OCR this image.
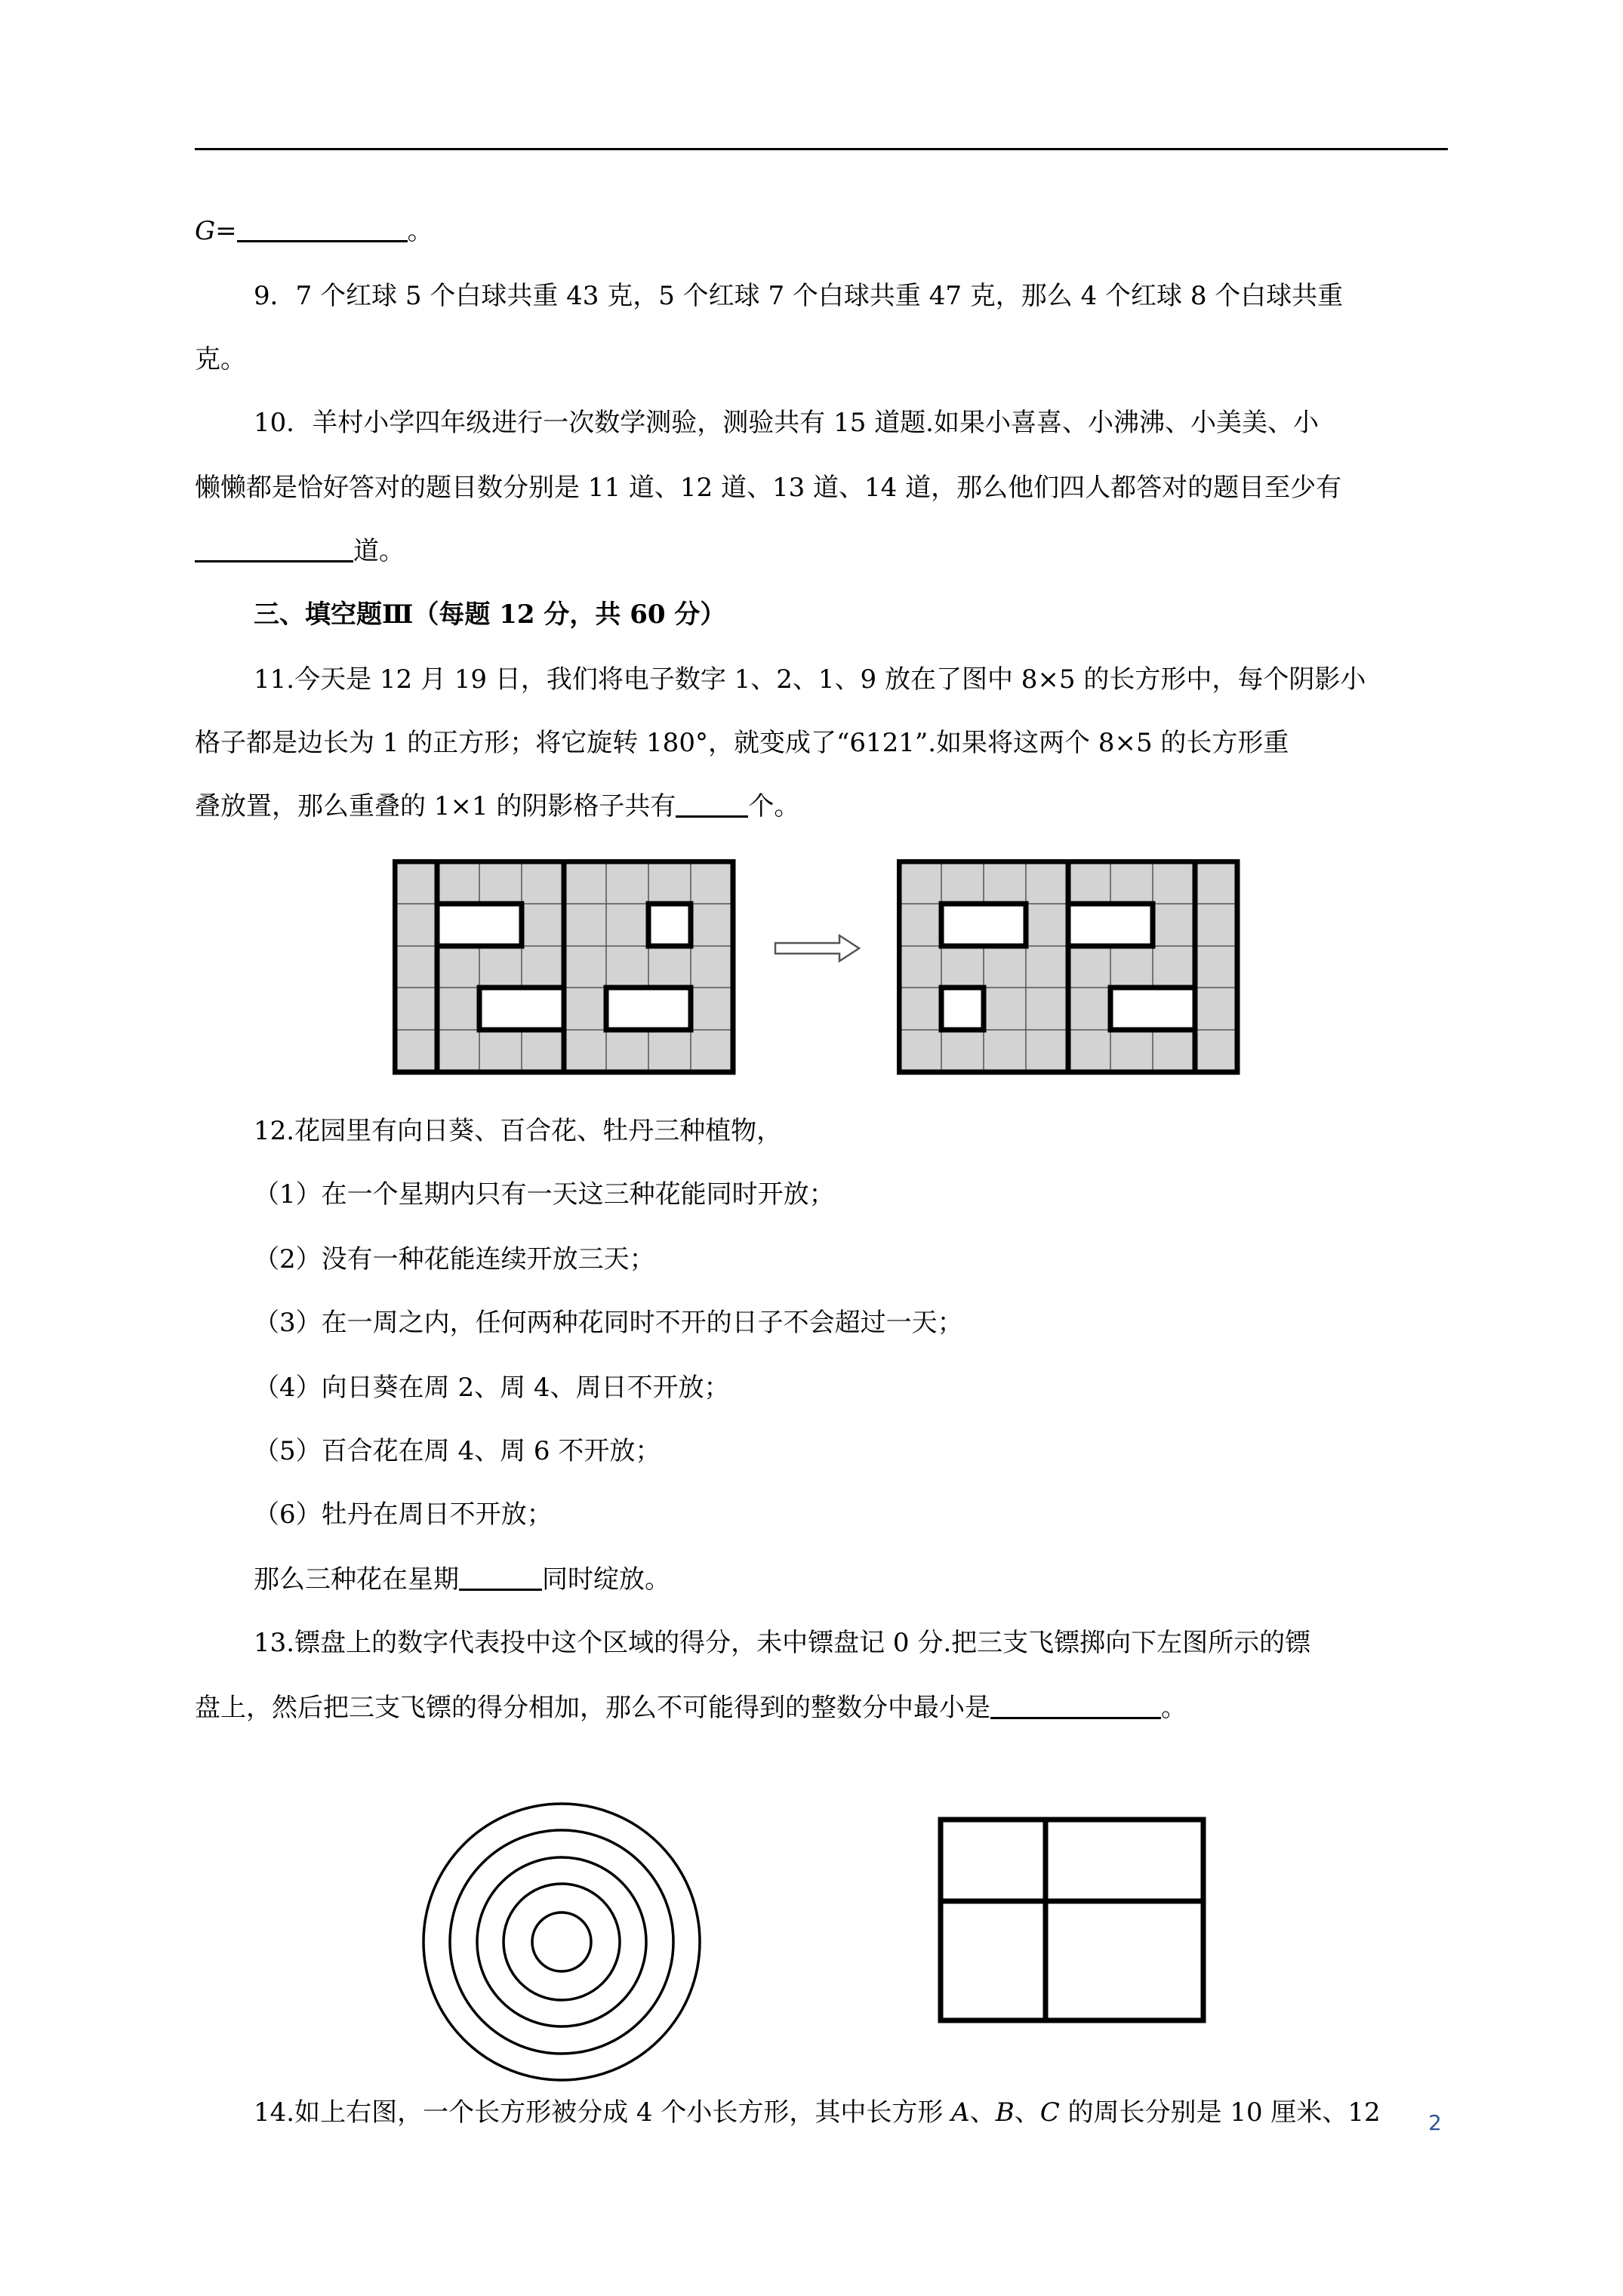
G=	。
9．7 个红球 5 个白球共重 43 克，5 个红球 7 个白球共重 47 克，那么 4 个红球 8 个白球共重
克。
10．羊村小学四年级进行一次数学测验，测验共有 15 道题.如果小喜喜、小沸沸、小美美、小
懒懒都是恰好答对的题目数分别是 11 道、12 道、13 道、14 道，那么他们四人都答对的题目至少有
道。
三、填空题Ⅲ（每题 12 分，共 60 分）
11.今天是 12 月 19 日，我们将电子数字 1、2、1、9 放在了图中 8×5 的长方形中，每个阴影小
格子都是边长为 1 的正方形；将它旋转 180°，就变成了“6121”.如果将这两个 8×5 的长方形重
叠放置，那么重叠的 1×1 的阴影格子共有	个。
12.花园里有向日葵、百合花、牡丹三种植物，
（1）在一个星期内只有一天这三种花能同时开放；
（2）没有一种花能连续开放三天；
（3）在一周之内，任何两种花同时不开的日子不会超过一天；
（4）向日葵在周 2、周 4、周日不开放；
（5）百合花在周 4、周 6 不开放；
（6）牡丹在周日不开放；
那么三种花在星期	同时绽放。
13.镖盘上的数字代表投中这个区域的得分，未中镖盘记 0 分.把三支飞镖掷向下左图所示的镖
盘上，然后把三支飞镖的得分相加，那么不可能得到的整数分中最小是	。
14.如上右图，一个长方形被分成 4 个小长方形，其中长方形 A、B、C 的周长分别是 10 厘米、12 2
